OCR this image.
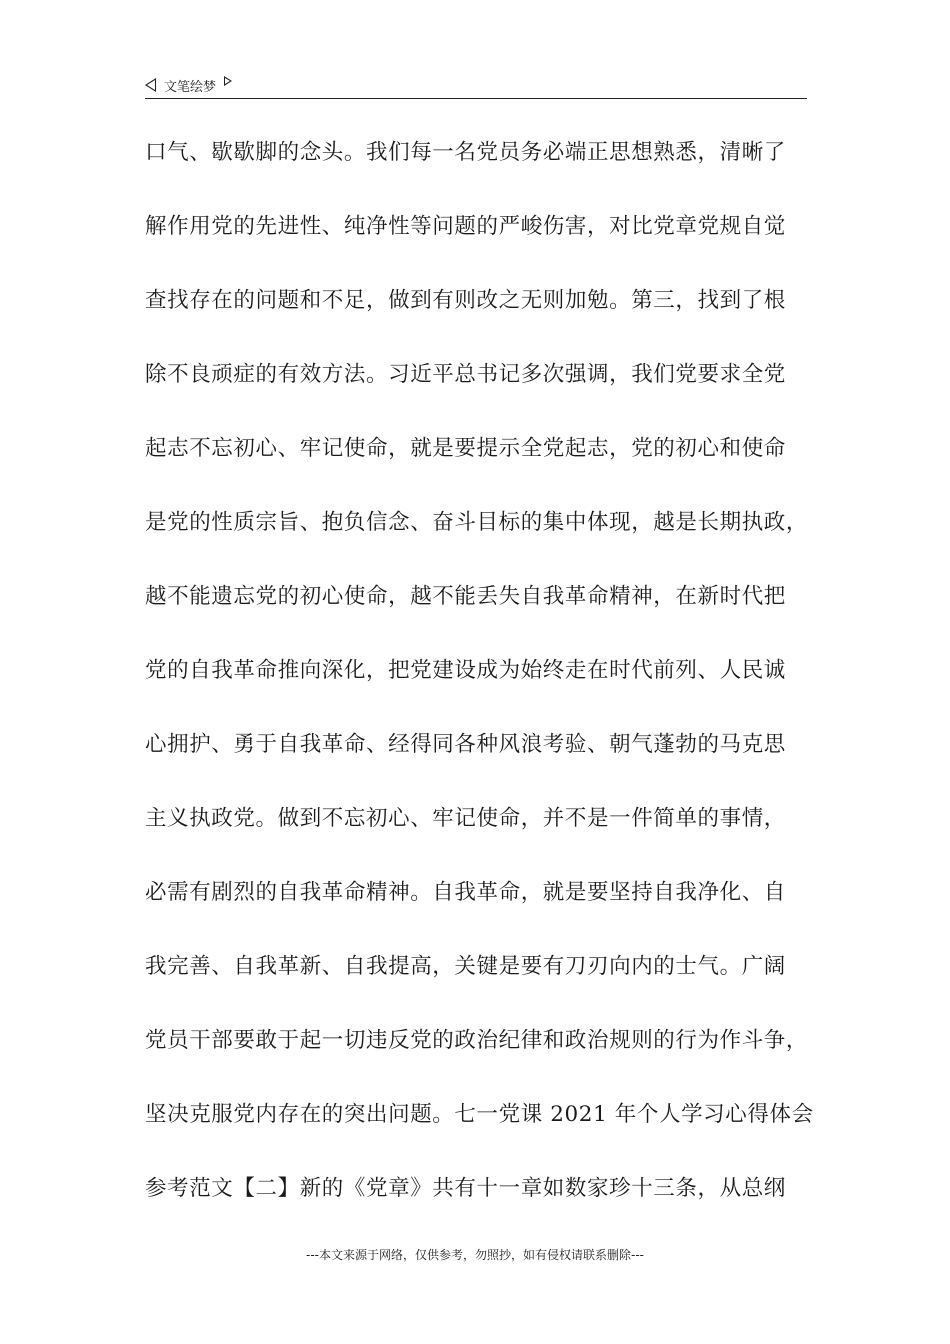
文笔绘梦
口气、歇歇脚的念头。我们每一名党员务必端正思想熟悉，清晰了
解作用党的先进性、纯净性等问题的严峻伤害，对比党章党规自觉
查找存在的问题和不足，做到有则改之无则加勉。第三，找到了根
除不良顽症的有效方法。习近平总书记多次强调，我们党要求全党
起志不忘初心、牢记使命，就是要提示全党起志，党的初心和使命
是党的性质宗旨、抱负信念、奋斗目标的集中体现，越是长期执政，
越不能遗忘党的初心使命，越不能丢失自我革命精神，在新时代把
党的自我革命推向深化，把党建设成为始终走在时代前列、人民诚
心拥护、勇于自我革命、经得同各种风浪考验、朝气蓬勃的马克思
主义执政党。做到不忘初心、牢记使命，并不是一件简单的事情，
必需有剧烈的自我革命精神。自我革命，就是要坚持自我净化、自
我完善、自我革新、自我提高，关键是要有刀刃向内的士气。广阔
党员干部要敢于起一切违反党的政治纪律和政治规则的行为作斗争，
坚决克服党内存在的突出问题。七一党课 2021 年个人学习心得体会
参考范文【二】新的《党章》共有十一章如数家珍十三条，从总纲
---本文来源于网络，仅供参考，勿照抄，如有侵权请联系删除---
